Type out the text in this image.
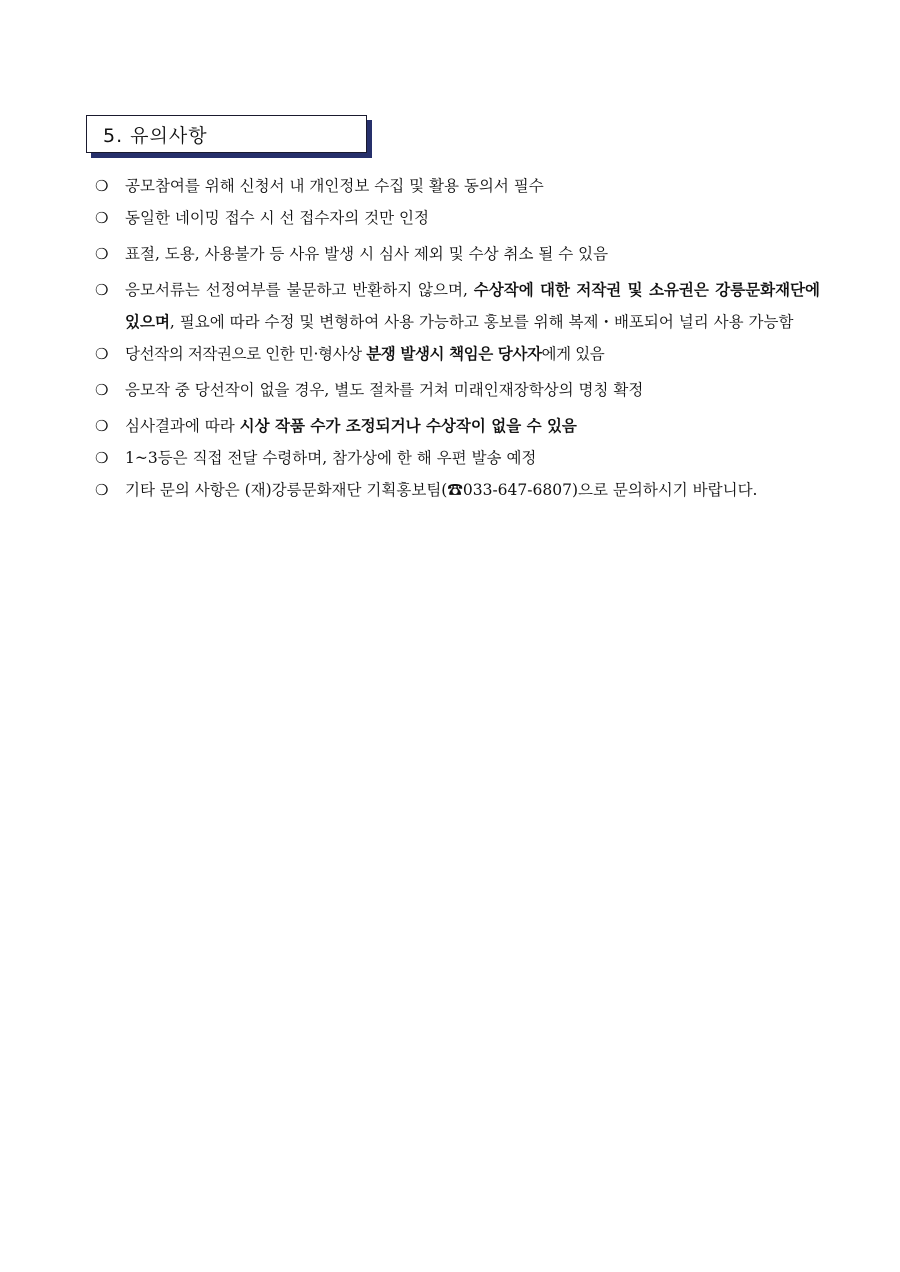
5. 유의사항
❍ 공모참여를 위해 신청서 내 개인정보 수집 및 활용 동의서 필수
❍ 동일한 네이밍 접수 시 선 접수자의 것만 인정
❍ 표절, 도용, 사용불가 등 사유 발생 시 심사 제외 및 수상 취소 될 수 있음
❍ 응모서류는 선정여부를 불문하고 반환하지 않으며, 수상작에 대한 저작권 및 소유권은 강릉문화재단에 있으며, 필요에 따라 수정 및 변형하여 사용 가능하고 홍보를 위해 복제・배포되어 널리 사용 가능함
❍ 당선작의 저작권으로 인한 민·형사상 분쟁 발생시 책임은 당사자에게 있음
❍ 응모작 중 당선작이 없을 경우, 별도 절차를 거쳐 미래인재장학상의 명칭 확정
❍ 심사결과에 따라 시상 작품 수가 조정되거나 수상작이 없을 수 있음
❍ 1~3등은 직접 전달 수령하며, 참가상에 한 해 우편 발송 예정
❍ 기타 문의 사항은 (재)강릉문화재단 기획홍보팀(☎033-647-6807)으로 문의하시기 바랍니다.
